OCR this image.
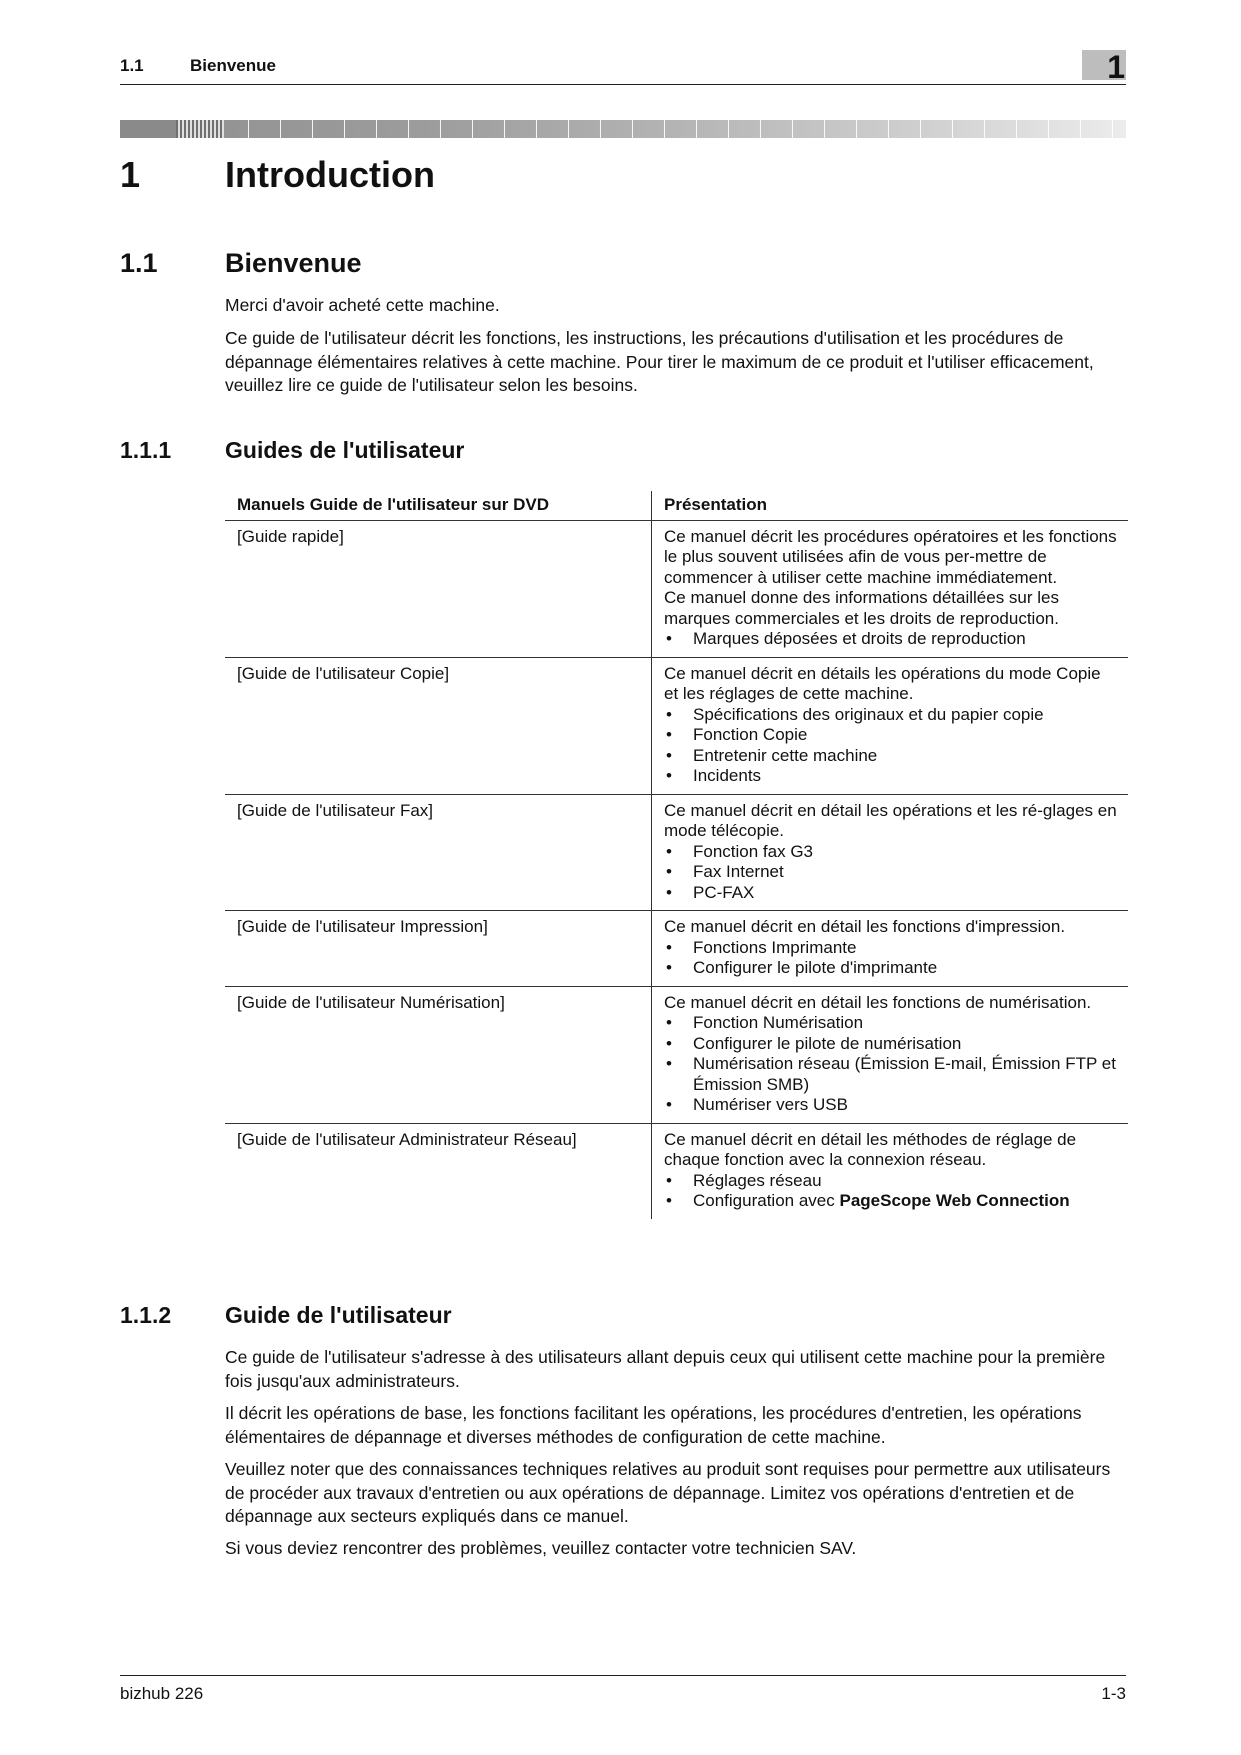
1.1	Bienvenue	1
1 Introduction
1.1 Bienvenue
Merci d'avoir acheté cette machine.
Ce guide de l'utilisateur décrit les fonctions, les instructions, les précautions d'utilisation et les procédures de dépannage élémentaires relatives à cette machine. Pour tirer le maximum de ce produit et l'utiliser efficacement, veuillez lire ce guide de l'utilisateur selon les besoins.
1.1.1 Guides de l'utilisateur
Manuels Guide de l'utilisateur sur DVD	Présentation
[Guide rapide]	Ce manuel décrit les procédures opératoires et les fonctions le plus souvent utilisées afin de vous per-mettre de commencer à utiliser cette machine immédiatement.
Ce manuel donne des informations détaillées sur les marques commerciales et les droits de reproduction.
• Marques déposées et droits de reproduction
[Guide de l'utilisateur Copie]	Ce manuel décrit en détails les opérations du mode Copie et les réglages de cette machine.
• Spécifications des originaux et du papier copie
• Fonction Copie
• Entretenir cette machine
• Incidents
[Guide de l'utilisateur Fax]	Ce manuel décrit en détail les opérations et les ré-glages en mode télécopie.
• Fonction fax G3
• Fax Internet
• PC-FAX
[Guide de l'utilisateur Impression]	Ce manuel décrit en détail les fonctions d'impression.
• Fonctions Imprimante
• Configurer le pilote d'imprimante
[Guide de l'utilisateur Numérisation]	Ce manuel décrit en détail les fonctions de numérisation.
• Fonction Numérisation
• Configurer le pilote de numérisation
• Numérisation réseau (Émission E-mail, Émission FTP et Émission SMB)
• Numériser vers USB
[Guide de l'utilisateur Administrateur Réseau]	Ce manuel décrit en détail les méthodes de réglage de chaque fonction avec la connexion réseau.
• Réglages réseau
• Configuration avec PageScope Web Connection
1.1.2 Guide de l'utilisateur
Ce guide de l'utilisateur s'adresse à des utilisateurs allant depuis ceux qui utilisent cette machine pour la première fois jusqu'aux administrateurs.
Il décrit les opérations de base, les fonctions facilitant les opérations, les procédures d'entretien, les opérations élémentaires de dépannage et diverses méthodes de configuration de cette machine.
Veuillez noter que des connaissances techniques relatives au produit sont requises pour permettre aux utilisateurs de procéder aux travaux d'entretien ou aux opérations de dépannage. Limitez vos opérations d'entretien et de dépannage aux secteurs expliqués dans ce manuel.
Si vous deviez rencontrer des problèmes, veuillez contacter votre technicien SAV.
bizhub 226	1-3
